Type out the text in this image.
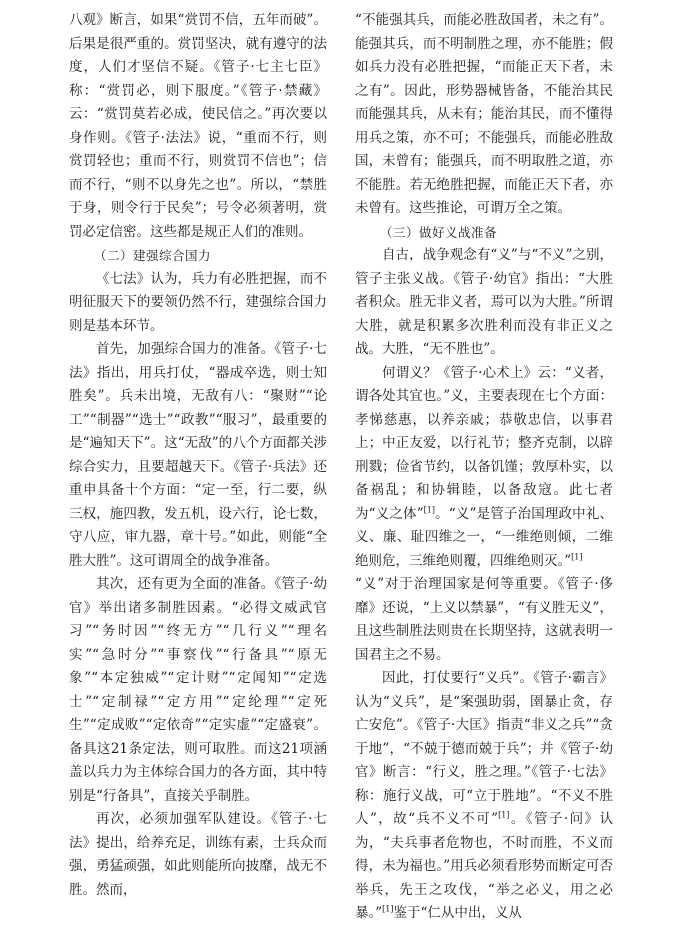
八观》断言，如果“赏罚不信，五年而破”。后果是很严重的。赏罚坚决，就有遵守的法度，人们才坚信不疑。《管子·七主七臣》称：“赏罚必，则下服度。”《管子·禁藏》云：“赏罚莫若必成，使民信之。”再次要以身作则。《管子·法法》说，“重而不行，则赏罚轻也；重而不行，则赏罚不信也”；信而不行，“则不以身先之也”。所以，“禁胜于身，则令行于民矣”；号令必须著明，赏罚必定信密。这些都是规正人们的准则。

（二）建强综合国力

《七法》认为，兵力有必胜把握，而不明征服天下的要领仍然不行，建强综合国力则是基本环节。

首先，加强综合国力的准备。《管子·七法》指出，用兵打仗，“器成卒选，则士知胜矣”。兵未出境，无敌有八：“聚财”“论工”“制器”“选士”“政教”“服习”，最重要的是“遍知天下”。这“无敌”的八个方面都关涉综合实力，且要超越天下。《管子·兵法》还重申具备十个方面：“定一至，行二要，纵三权，施四教，发五机，设六行，论七数，守八应，审九器，章十号。”如此，则能“全胜大胜”。这可谓周全的战争准备。

其次，还有更为全面的准备。《管子·幼官》举出诸多制胜因素。“必得文威武官习”“务时因”“终无方”“几行义”“理名实”“急时分”“事察伐”“行备具”“原无象”“本定独威”“定计财”“定闻知”“定选士”“定制禄”“定方用”“定纶理”“定死生”“定成败”“定依奇”“定实虚”“定盛衰”。备具这21条定法，则可取胜。而这21项涵盖以兵力为主体综合国力的各方面，其中特别是“行备具”，直接关乎制胜。

再次，必须加强军队建设。《管子·七法》提出，给养充足，训练有素，士兵众而强，勇猛顽强，如此则能所向披靡，战无不胜。然而，

“不能强其兵，而能必胜敌国者，未之有”。能强其兵，而不明制胜之理，亦不能胜；假如兵力没有必胜把握，“而能正天下者，未之有”。因此，形势器械皆备，不能治其民而能强其兵，从未有；能治其民，而不懂得用兵之策，亦不可；不能强兵，而能必胜敌国，未曾有；能强兵，而不明取胜之道，亦不能胜。若无绝胜把握，而能正天下者，亦未曾有。这些推论，可谓万全之策。

（三）做好义战准备

自古，战争观念有“义”与“不义”之别，管子主张义战。《管子·幼官》指出：“大胜者积众。胜无非义者，焉可以为大胜。”所谓大胜，就是积累多次胜利而没有非正义之战。大胜，“无不胜也”。

何谓义？《管子·心术上》云：“义者，谓各处其宜也。”义，主要表现在七个方面：孝悌慈惠，以养亲戚；恭敬忠信，以事君上；中正友爱，以行礼节；整齐克制，以辟刑戮；俭省节约，以备饥馑；敦厚朴实，以备祸乱；和协辑睦，以备敌寇。此七者为“义之体”[1]。“义”是管子治国理政中礼、义、廉、耻四维之一，“一维绝则倾，二维绝则危，三维绝则覆，四维绝则灭。”[1]

“义”对于治理国家是何等重要。《管子·侈靡》还说，“上义以禁暴”，“有义胜无义”，且这些制胜法则贵在长期坚持，这就表明一国君主之不易。

因此，打仗要行“义兵”。《管子·霸言》认为“义兵”，是“案强助弱，圉暴止贪，存亡安危”。《管子·大匡》指责“非义之兵”“贪于地”，“不兢于德而兢于兵”；并《管子·幼官》断言：“行义，胜之理。”《管子·七法》称：施行义战，可“立于胜地”。“不义不胜人”，故“兵不义不可”[1]。《管子·问》认为，“夫兵事者危物也，不时而胜，不义而得，未为福也。”用兵必须看形势而断定可否举兵，先王之攻伐，“举之必义，用之必暴。”[1]鉴于“仁从中出，义从
